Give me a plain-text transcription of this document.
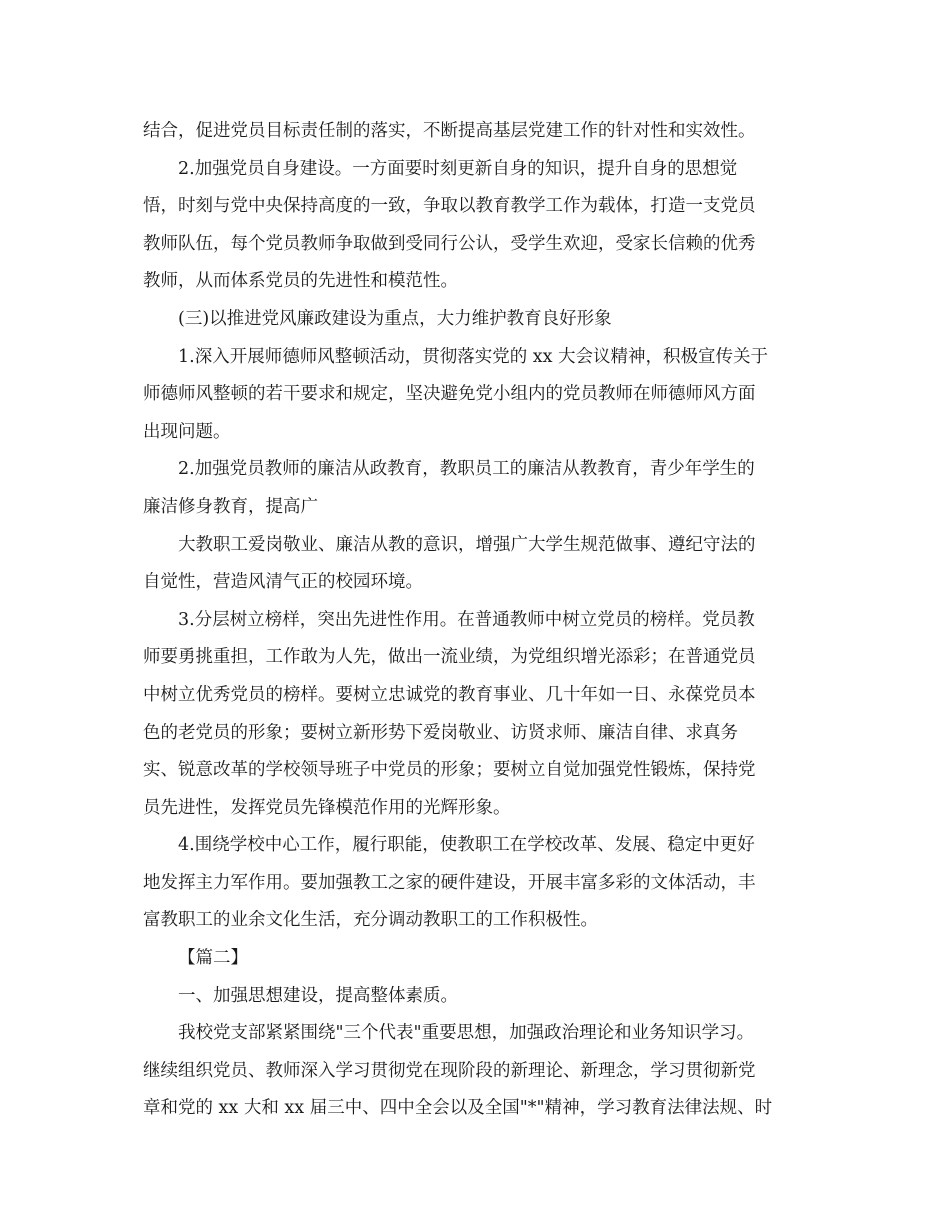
结合，促进党员目标责任制的落实，不断提高基层党建工作的针对性和实效性。
2.加强党员自身建设。一方面要时刻更新自身的知识，提升自身的思想觉
悟，时刻与党中央保持高度的一致，争取以教育教学工作为载体，打造一支党员
教师队伍，每个党员教师争取做到受同行公认，受学生欢迎，受家长信赖的优秀
教师，从而体系党员的先进性和模范性。
(三)以推进党风廉政建设为重点，大力维护教育良好形象
1.深入开展师德师风整顿活动，贯彻落实党的 xx 大会议精神，积极宣传关于
师德师风整顿的若干要求和规定，坚决避免党小组内的党员教师在师德师风方面
出现问题。
2.加强党员教师的廉洁从政教育，教职员工的廉洁从教教育，青少年学生的
廉洁修身教育，提高广
大教职工爱岗敬业、廉洁从教的意识，增强广大学生规范做事、遵纪守法的
自觉性，营造风清气正的校园环境。
3.分层树立榜样，突出先进性作用。在普通教师中树立党员的榜样。党员教
师要勇挑重担，工作敢为人先，做出一流业绩，为党组织增光添彩；在普通党员
中树立优秀党员的榜样。要树立忠诚党的教育事业、几十年如一日、永葆党员本
色的老党员的形象；要树立新形势下爱岗敬业、访贤求师、廉洁自律、求真务
实、锐意改革的学校领导班子中党员的形象；要树立自觉加强党性锻炼，保持党
员先进性，发挥党员先锋模范作用的光辉形象。
4.围绕学校中心工作，履行职能，使教职工在学校改革、发展、稳定中更好
地发挥主力军作用。要加强教工之家的硬件建设，开展丰富多彩的文体活动，丰
富教职工的业余文化生活，充分调动教职工的工作积极性。
【篇二】
一、加强思想建设，提高整体素质。
我校党支部紧紧围绕"三个代表"重要思想，加强政治理论和业务知识学习。
继续组织党员、教师深入学习贯彻党在现阶段的新理论、新理念，学习贯彻新党
章和党的 xx 大和 xx 届三中、四中全会以及全国"*"精神，学习教育法律法规、时
